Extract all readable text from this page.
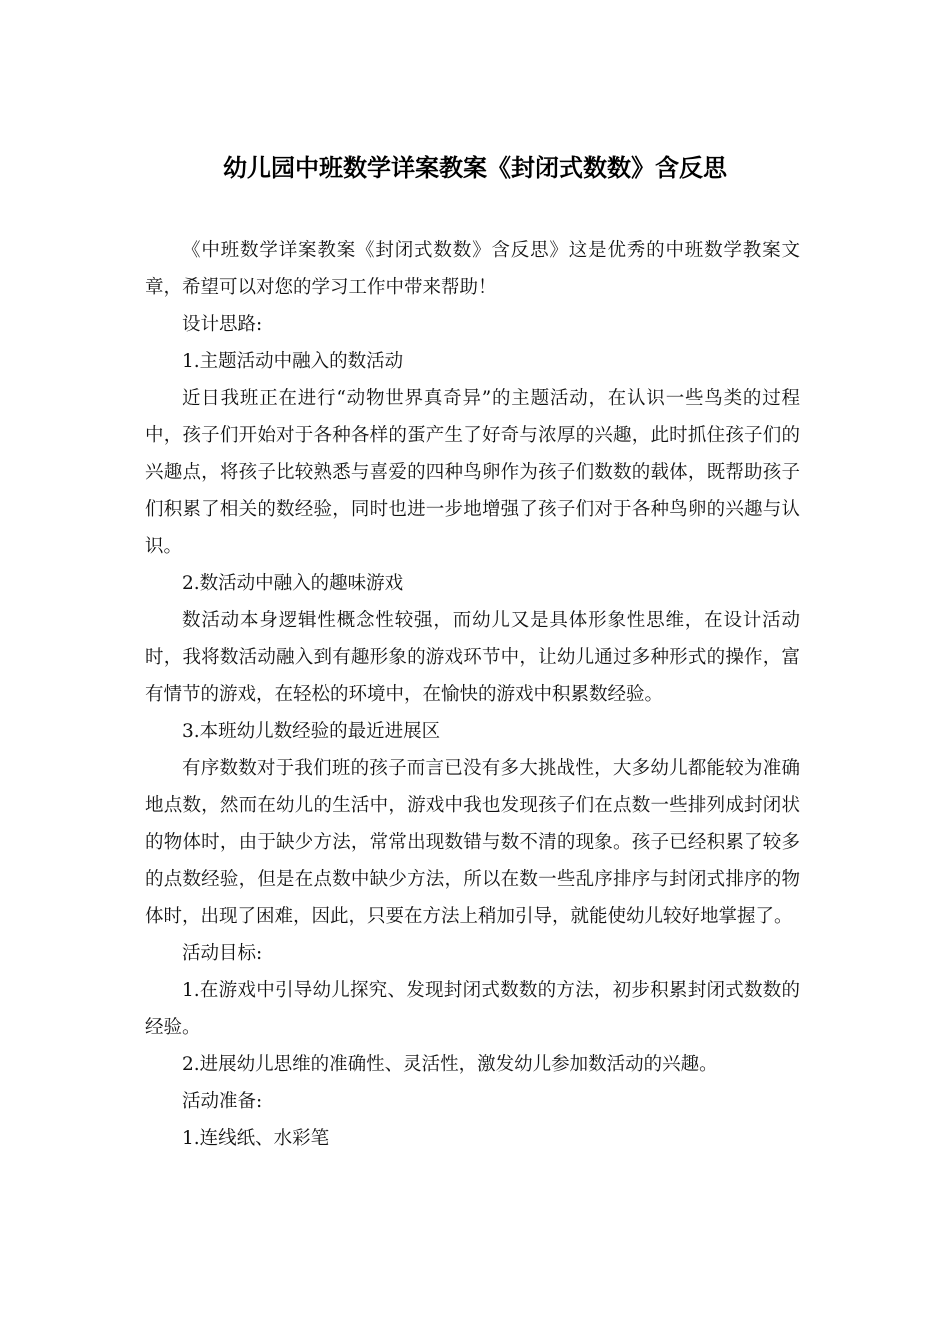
幼儿园中班数学详案教案《封闭式数数》含反思

《中班数学详案教案《封闭式数数》含反思》这是优秀的中班数学教案文章，希望可以对您的学习工作中带来帮助！

设计思路:

1.主题活动中融入的数活动

近日我班正在进行“动物世界真奇异”的主题活动，在认识一些鸟类的过程中，孩子们开始对于各种各样的蛋产生了好奇与浓厚的兴趣，此时抓住孩子们的兴趣点，将孩子比较熟悉与喜爱的四种鸟卵作为孩子们数数的载体，既帮助孩子们积累了相关的数经验，同时也进一步地增强了孩子们对于各种鸟卵的兴趣与认识。

2.数活动中融入的趣味游戏

数活动本身逻辑性概念性较强，而幼儿又是具体形象性思维，在设计活动时，我将数活动融入到有趣形象的游戏环节中，让幼儿通过多种形式的操作，富有情节的游戏，在轻松的环境中，在愉快的游戏中积累数经验。

3.本班幼儿数经验的最近进展区

有序数数对于我们班的孩子而言已没有多大挑战性，大多幼儿都能较为准确地点数，然而在幼儿的生活中，游戏中我也发现孩子们在点数一些排列成封闭状的物体时，由于缺少方法，常常出现数错与数不清的现象。孩子已经积累了较多的点数经验，但是在点数中缺少方法，所以在数一些乱序排序与封闭式排序的物体时，出现了困难，因此，只要在方法上稍加引导，就能使幼儿较好地掌握了。

活动目标:

1.在游戏中引导幼儿探究、发现封闭式数数的方法，初步积累封闭式数数的经验。

2.进展幼儿思维的准确性、灵活性，激发幼儿参加数活动的兴趣。

活动准备:

1.连线纸、水彩笔
